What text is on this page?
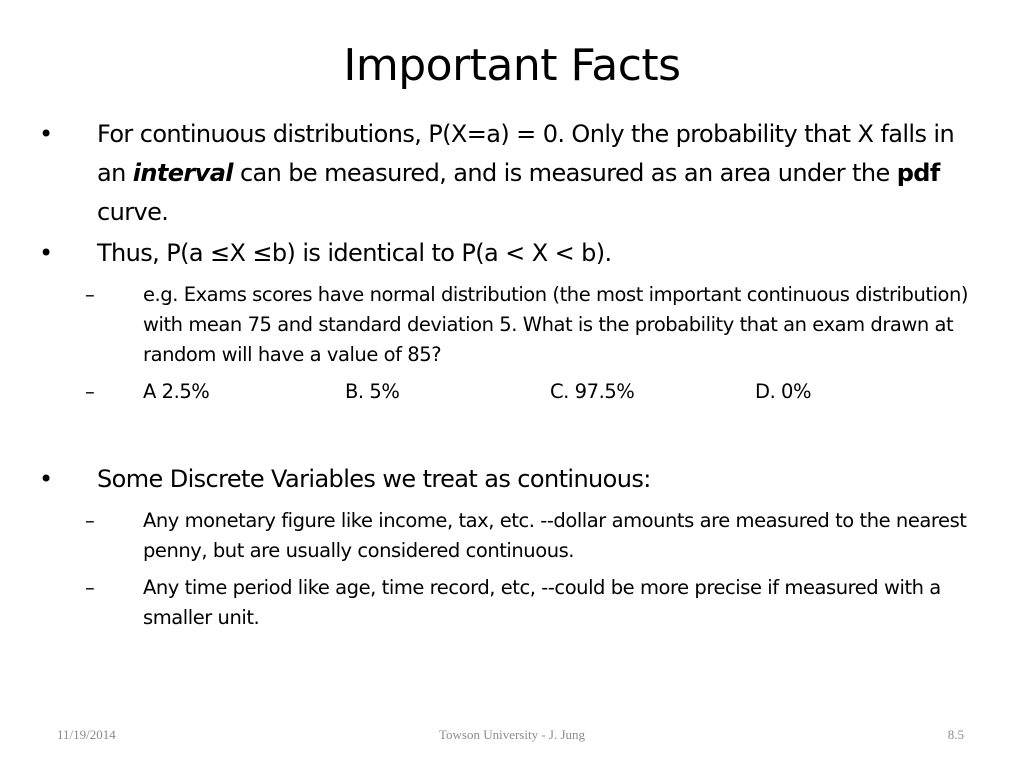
Important Facts
• For continuous distributions, P(X=a) = 0. Only the probability that X falls in an interval can be measured, and is measured as an area under the pdf curve.
• Thus, P(a ≤X ≤b) is identical to P(a < X < b).
– e.g. Exams scores have normal distribution (the most important continuous distribution) with mean 75 and standard deviation 5. What is the probability that an exam drawn at random will have a value of 85?
– A 2.5%	B. 5%	C. 97.5%	D. 0%
• Some Discrete Variables we treat as continuous:
– Any monetary figure like income, tax, etc. --dollar amounts are measured to the nearest penny, but are usually considered continuous.
– Any time period like age, time record, etc, --could be more precise if measured with a smaller unit.
11/19/2014	Towson University - J. Jung	8.5
